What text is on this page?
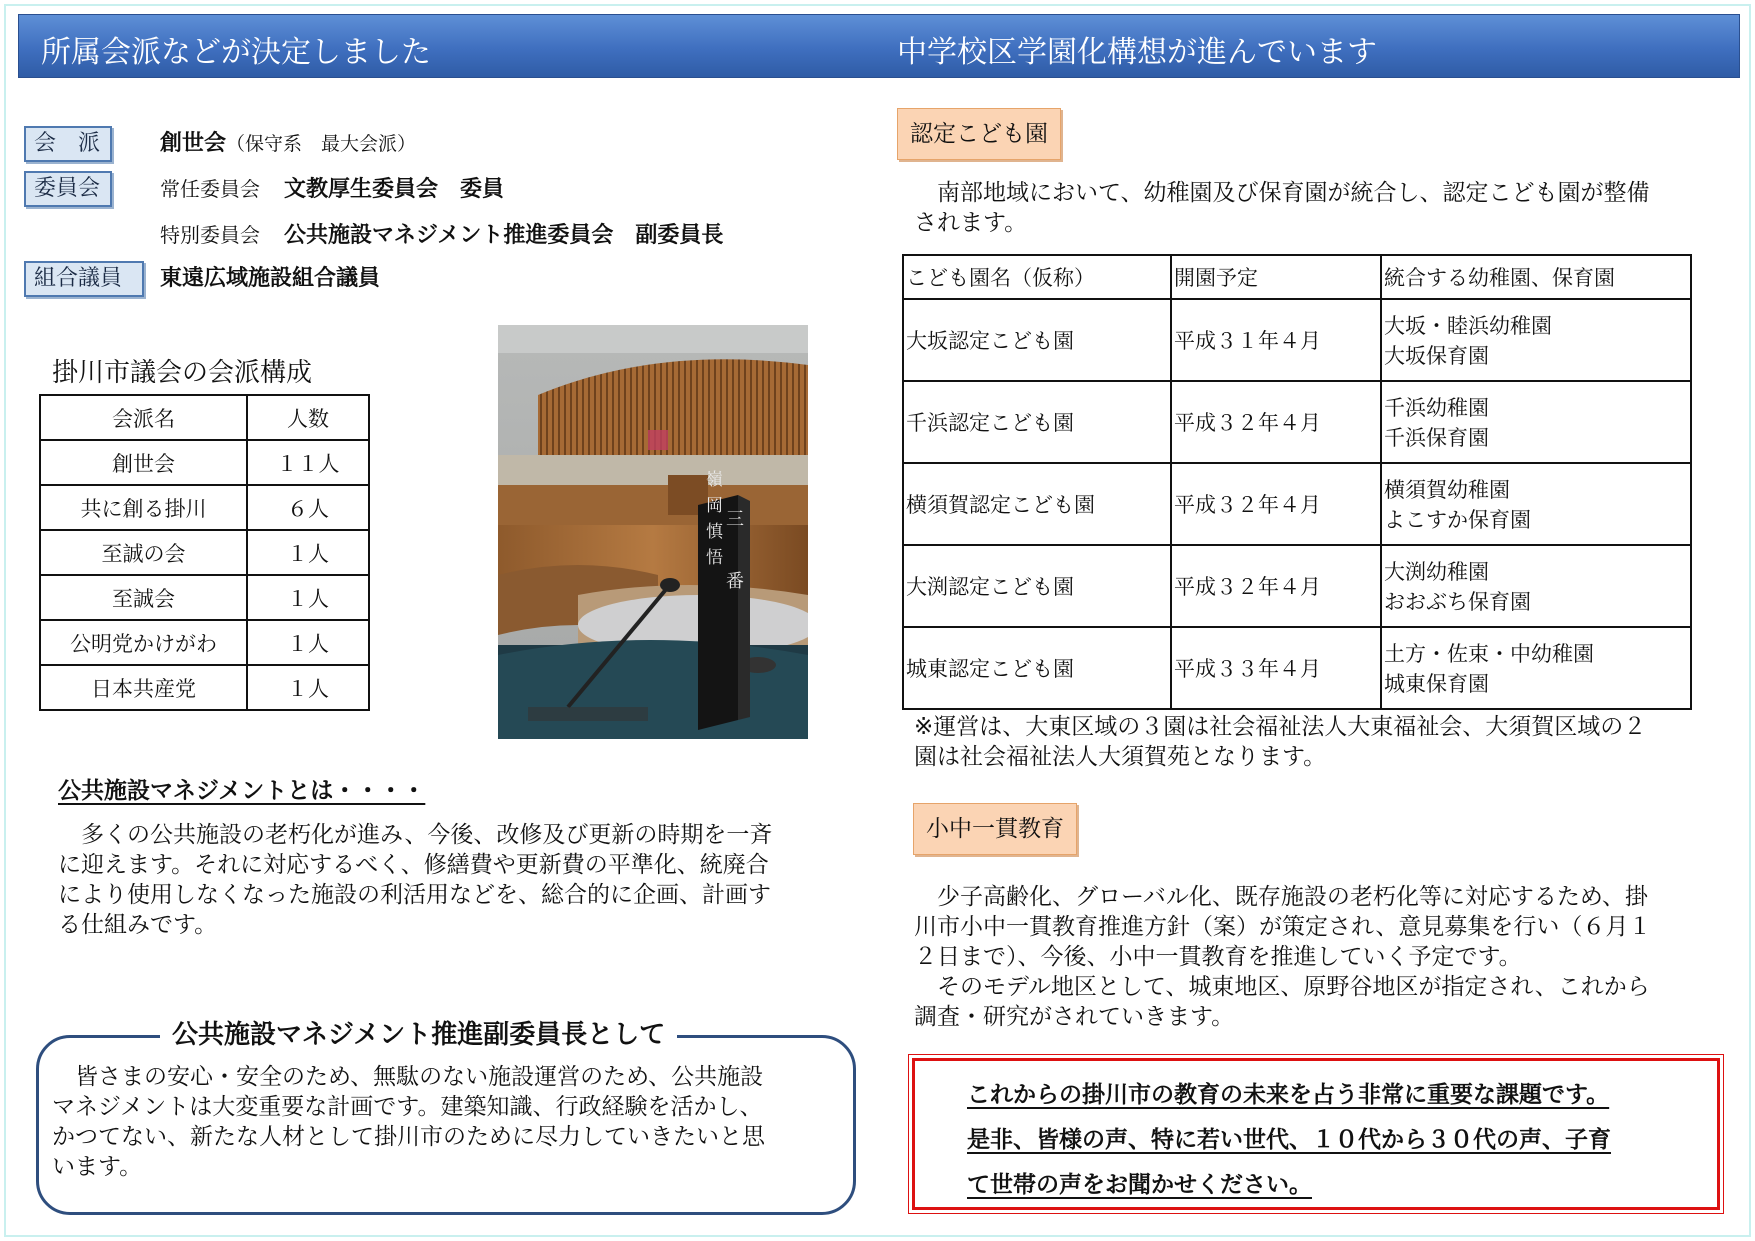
所属会派などが決定しました	中学校区学園化構想が進んでいます
会　派	創世会（保守系　最大会派）
委員会	常任委員会 文教厚生委員会　委員
特別委員会 公共施設マネジメント推進委員会　副委員長
組合議員	東遠広域施設組合議員
掛川市議会の会派構成
会派名	人数
創世会	１１人
共に創る掛川	６人
至誠の会	１人
至誠会	１人
公明党かけがわ	１人
日本共産党	１人
三
番
嶺
岡
慎
悟
公共施設マネジメントとは・・・・
　多くの公共施設の老朽化が進み、今後、改修及び更新の時期を一斉
に迎えます。それに対応するべく、修繕費や更新費の平準化、統廃合
により使用しなくなった施設の利活用などを、総合的に企画、計画す
る仕組みです。
公共施設マネジメント推進副委員長として
　皆さまの安心・安全のため、無駄のない施設運営のため、公共施設
マネジメントは大変重要な計画です。建築知識、行政経験を活かし、
かつてない、新たな人材として掛川市のために尽力していきたいと思
います。
認定こども園
　南部地域において、幼稚園及び保育園が統合し、認定こども園が整備
されます。
こども園名（仮称）	開園予定	統合する幼稚園、保育園
大坂認定こども園	平成３１年４月	大坂・睦浜幼稚園
大坂保育園

千浜認定こども園	平成３２年４月	千浜幼稚園
千浜保育園

横須賀認定こども園	平成３２年４月	横須賀幼稚園
よこすか保育園

大渕認定こども園	平成３２年４月	大渕幼稚園
おおぶち保育園

城東認定こども園	平成３３年４月	土方・佐束・中幼稚園
城東保育園
※運営は、大東区域の３園は社会福祉法人大東福祉会、大須賀区域の２
園は社会福祉法人大須賀苑となります。
小中一貫教育
　少子高齢化、グローバル化、既存施設の老朽化等に対応するため、掛
川市小中一貫教育推進方針（案）が策定され、意見募集を行い（６月１
２日まで）、今後、小中一貫教育を推進していく予定です。
　そのモデル地区として、城東地区、原野谷地区が指定され、これから
調査・研究がされていきます。
これからの掛川市の教育の未来を占う非常に重要な課題です。
是非、皆様の声、特に若い世代、１０代から３０代の声、子育
て世帯の声をお聞かせください。
